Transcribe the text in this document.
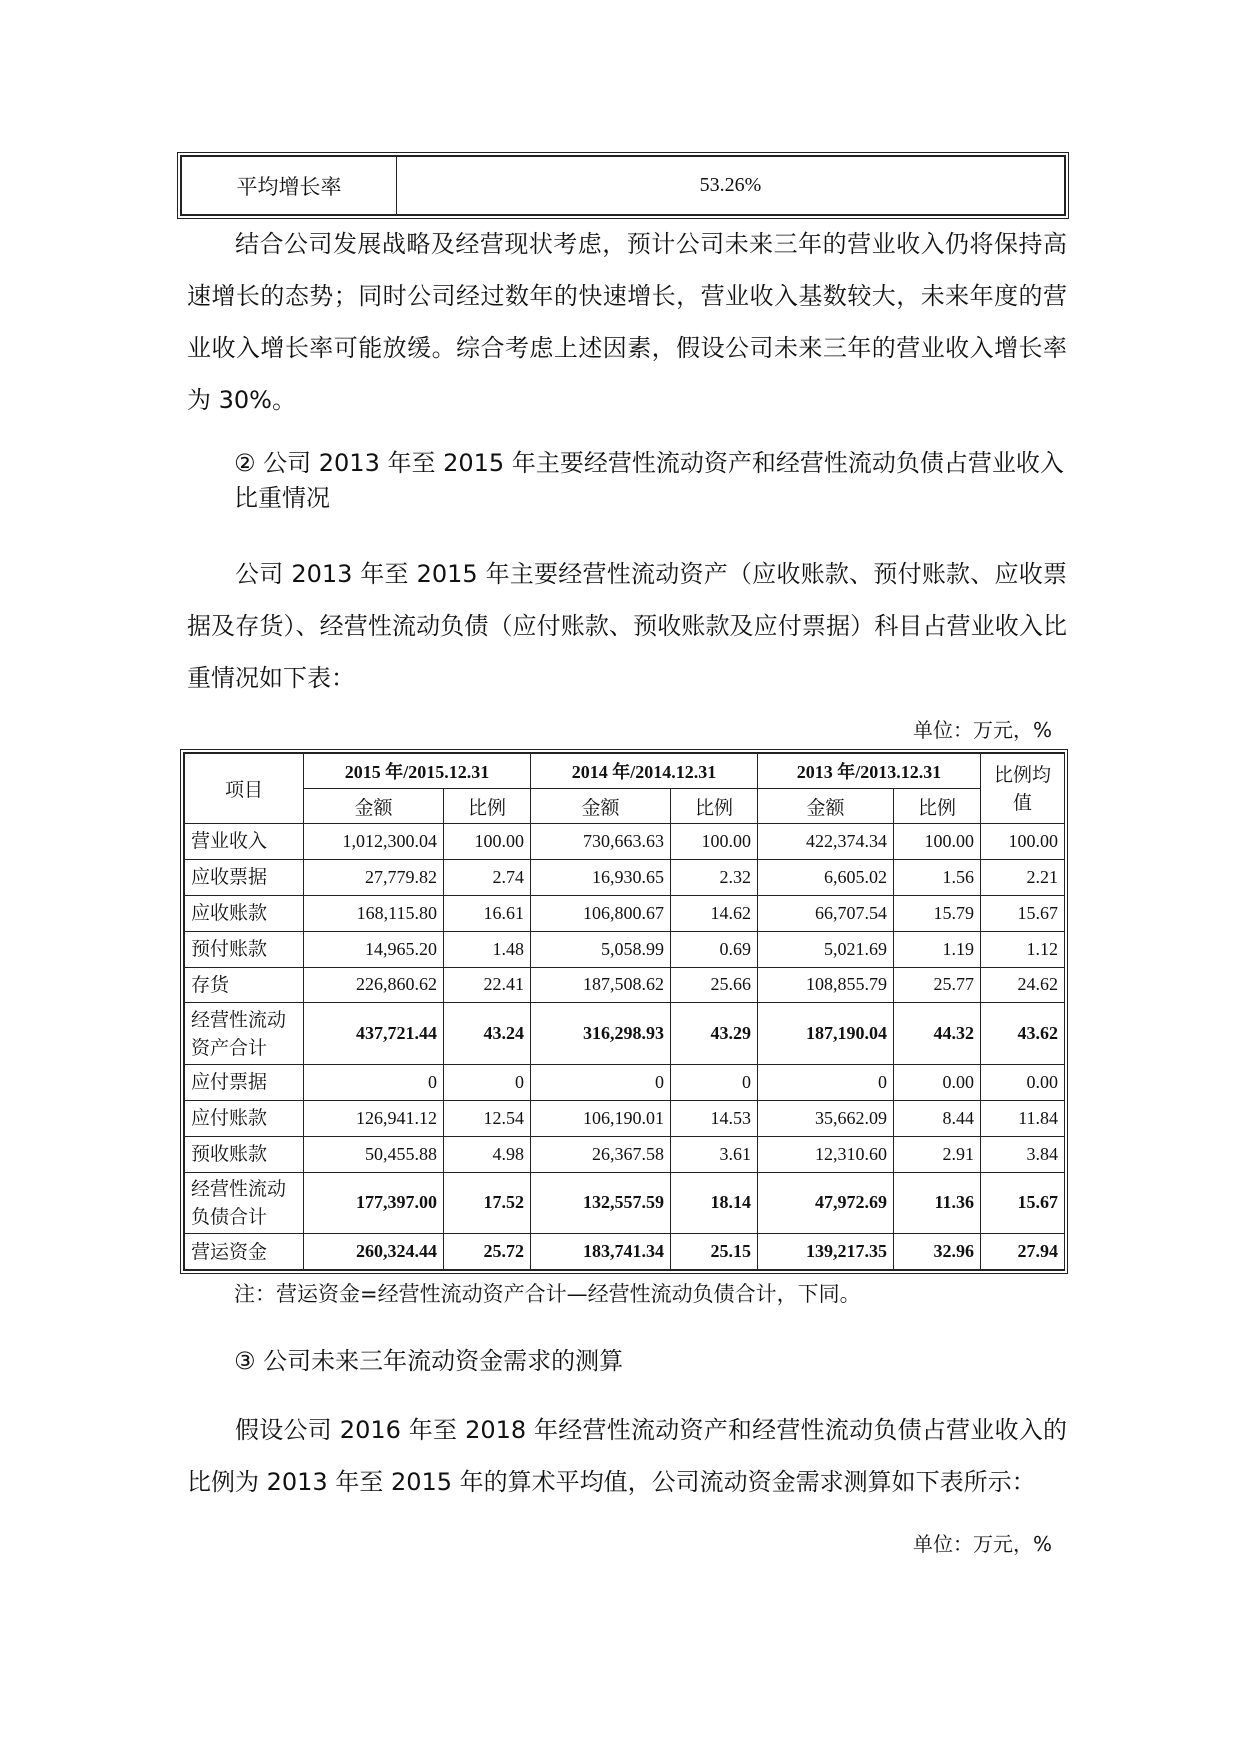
平均增长率	53.26%
结合公司发展战略及经营现状考虑，预计公司未来三年的营业收入仍将保持高速增长的态势；同时公司经过数年的快速增长，营业收入基数较大，未来年度的营业收入增长率可能放缓。综合考虑上述因素，假设公司未来三年的营业收入增长率为 30%。
② 公司 2013 年至 2015 年主要经营性流动资产和经营性流动负债占营业收入比重情况
公司 2013 年至 2015 年主要经营性流动资产（应收账款、预付账款、应收票据及存货）、经营性流动负债（应付账款、预收账款及应付票据）科目占营业收入比重情况如下表：
单位：万元，%
项目	2015 年/2015.12.31		2014 年/2014.12.31		2013 年/2013.12.31		比例均值
	金额	比例	金额	比例	金额	比例	
营业收入	1,012,300.04	100.00	730,663.63	100.00	422,374.34	100.00	100.00
应收票据	27,779.82	2.74	16,930.65	2.32	6,605.02	1.56	2.21
应收账款	168,115.80	16.61	106,800.67	14.62	66,707.54	15.79	15.67
预付账款	14,965.20	1.48	5,058.99	0.69	5,021.69	1.19	1.12
存货	226,860.62	22.41	187,508.62	25.66	108,855.79	25.77	24.62
经营性流动资产合计	437,721.44	43.24	316,298.93	43.29	187,190.04	44.32	43.62
应付票据	0	0	0	0	0	0.00	0.00
应付账款	126,941.12	12.54	106,190.01	14.53	35,662.09	8.44	11.84
预收账款	50,455.88	4.98	26,367.58	3.61	12,310.60	2.91	3.84
经营性流动负债合计	177,397.00	17.52	132,557.59	18.14	47,972.69	11.36	15.67
营运资金	260,324.44	25.72	183,741.34	25.15	139,217.35	32.96	27.94
注：营运资金=经营性流动资产合计—经营性流动负债合计，下同。
③ 公司未来三年流动资金需求的测算
假设公司 2016 年至 2018 年经营性流动资产和经营性流动负债占营业收入的比例为 2013 年至 2015 年的算术平均值，公司流动资金需求测算如下表所示：
单位：万元，%
